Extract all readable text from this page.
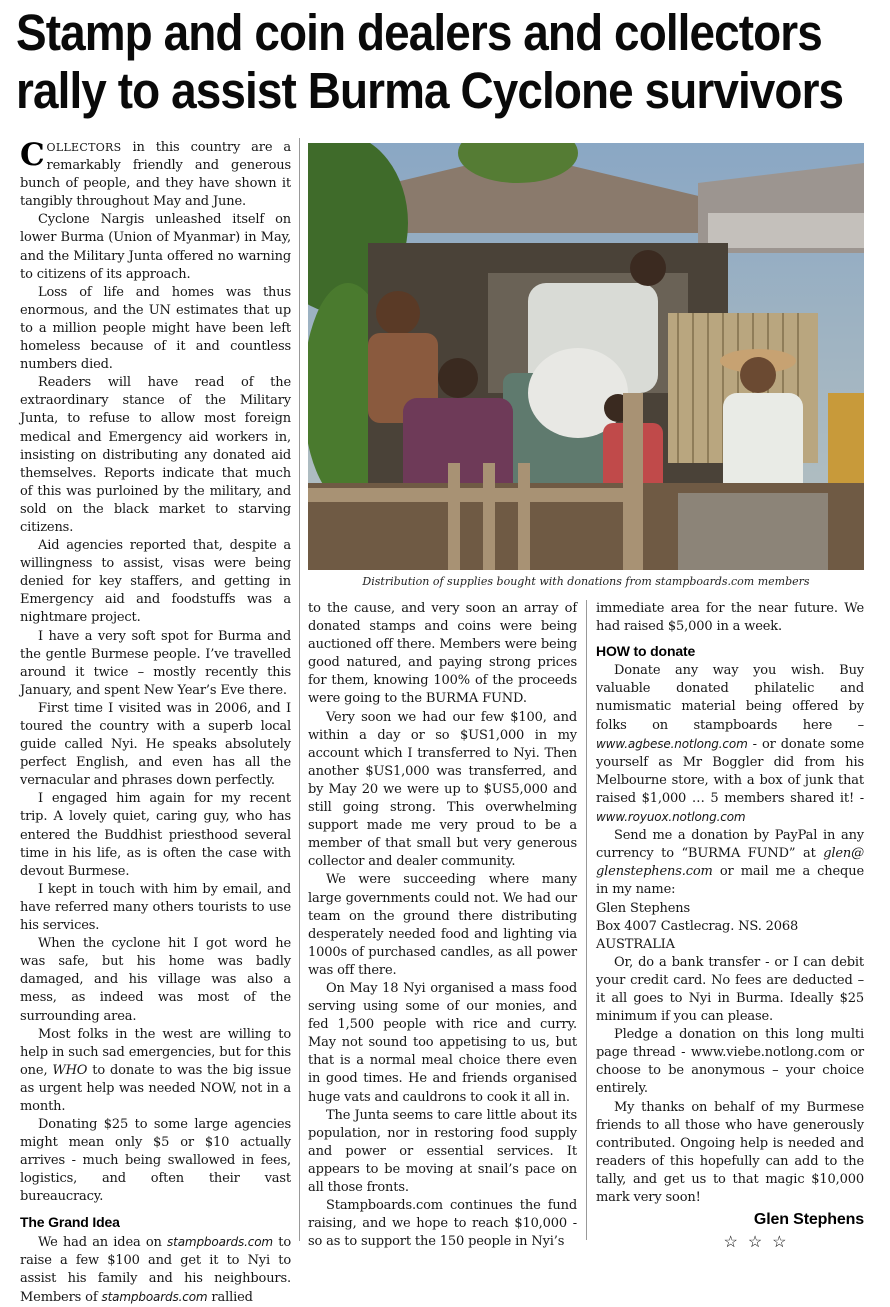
Stamp and coin dealers and collectors
rally to assist Burma Cyclone survivors

COLLECTORS in this country are a remarkably friendly and generous bunch of people, and they have shown it tangibly throughout May and June.

Cyclone Nargis unleashed itself on lower Burma (Union of Myanmar) in May, and the Military Junta offered no warning to citizens of its approach.

Loss of life and homes was thus enormous, and the UN estimates that up to a million people might have been left homeless because of it and countless numbers died.

Readers will have read of the extraordinary stance of the Military Junta, to refuse to allow most foreign medical and Emergency aid workers in, insisting on distributing any donated aid themselves. Reports indicate that much of this was purloined by the military, and sold on the black market to starving citizens.

Aid agencies reported that, despite a willingness to assist, visas were being denied for key staffers, and getting in Emergency aid and foodstuffs was a nightmare project.

I have a very soft spot for Burma and the gentle Burmese people. I’ve travelled around it twice – mostly recently this January, and spent New Year’s Eve there.

First time I visited was in 2006, and I toured the country with a superb local guide called Nyi. He speaks absolutely perfect English, and even has all the vernacular and phrases down perfectly.

I engaged him again for my recent trip. A lovely quiet, caring guy, who has entered the Buddhist priesthood several time in his life, as is often the case with devout Burmese.

I kept in touch with him by email, and have referred many others tourists to use his services.

When the cyclone hit I got word he was safe, but his home was badly damaged, and his village was also a mess, as indeed was most of the surrounding area.

Most folks in the west are willing to help in such sad emergencies, but for this one, WHO to donate to was the big issue as urgent help was needed NOW, not in a month.

Donating $25 to some large agencies might mean only $5 or $10 actually arrives - much being swallowed in fees, logistics, and often their vast bureaucracy.

The Grand Idea

We had an idea on stampboards.com to raise a few $100 and get it to Nyi to assist his family and his neighbours. Members of stampboards.com rallied

Distribution of supplies bought with donations from stampboards.com members

to the cause, and very soon an array of donated stamps and coins were being auctioned off there. Members were being good natured, and paying strong prices for them, knowing 100% of the proceeds were going to the BURMA FUND.

Very soon we had our few $100, and within a day or so $US1,000 in my account which I transferred to Nyi. Then another $US1,000 was transferred, and by May 20 we were up to $US5,000 and still going strong. This overwhelming support made me very proud to be a member of that small but very generous collector and dealer community.

We were succeeding where many large governments could not. We had our team on the ground there distributing desperately needed food and lighting via 1000s of purchased candles, as all power was off there.

On May 18 Nyi organised a mass food serving using some of our monies, and fed 1,500 people with rice and curry. May not sound too appetising to us, but that is a normal meal choice there even in good times. He and friends organised huge vats and cauldrons to cook it all in.

The Junta seems to care little about its population, nor in restoring food supply and power or essential services. It appears to be moving at snail’s pace on all those fronts.

Stampboards.com continues the fund raising, and we hope to reach $10,000 - so as to support the 150 people in Nyi’s

immediate area for the near future. We had raised $5,000 in a week.

HOW to donate

Donate any way you wish. Buy valuable donated philatelic and numismatic material being offered by folks on stampboards here – www.agbese.notlong.com - or donate some yourself as Mr Boggler did from his Melbourne store, with a box of junk that raised $1,000 … 5 members shared it! - www.royuox.notlong.com

Send me a donation by PayPal in any currency to “BURMA FUND” at glen@ glenstephens.com or mail me a cheque in my name:

Glen Stephens
Box 4007 Castlecrag. NS. 2068
AUSTRALIA

Or, do a bank transfer - or I can debit your credit card. No fees are deducted – it all goes to Nyi in Burma. Ideally $25 minimum if you can please.

Pledge a donation on this long multi page thread - www.viebe.notlong.com or choose to be anonymous – your choice entirely.

My thanks on behalf of my Burmese friends to all those who have generously contributed. Ongoing help is needed and readers of this hopefully can add to the tally, and get us to that magic $10,000 mark very soon!

Glen Stephens
☆☆☆
